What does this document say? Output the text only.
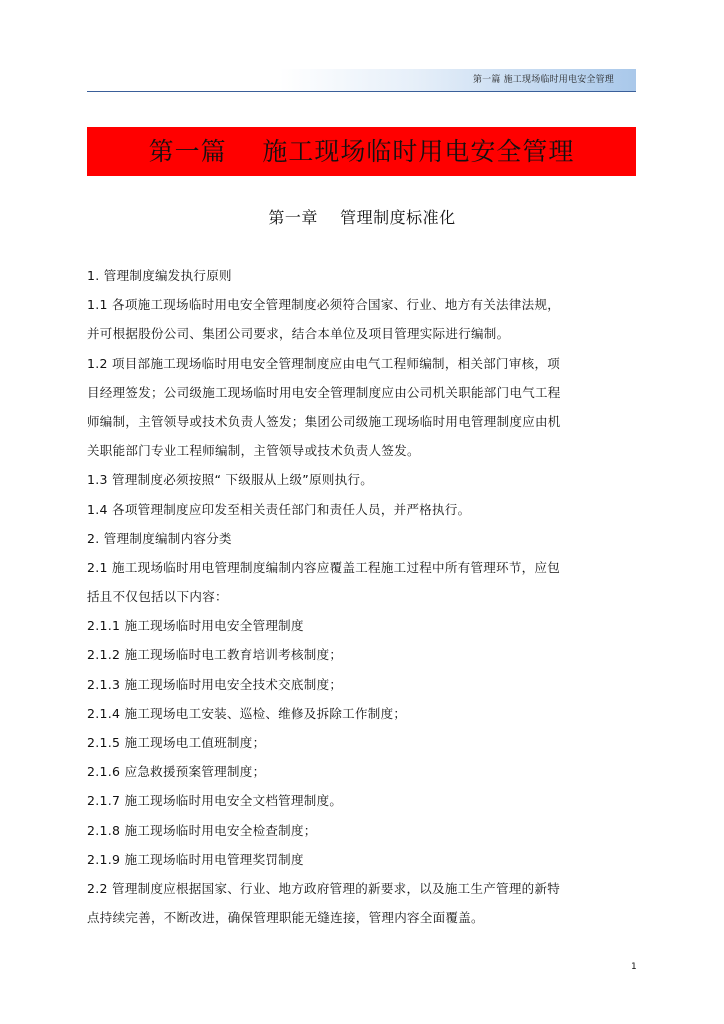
第一篇 施工现场临时用电安全管理
第一篇    施工现场临时用电安全管理
第一章    管理制度标准化
1. 管理制度编发执行原则
1.1 各项施工现场临时用电安全管理制度必须符合国家、行业、地方有关法律法规，
并可根据股份公司、集团公司要求，结合本单位及项目管理实际进行编制。
1.2 项目部施工现场临时用电安全管理制度应由电气工程师编制，相关部门审核，项
目经理签发；公司级施工现场临时用电安全管理制度应由公司机关职能部门电气工程
师编制，主管领导或技术负责人签发；集团公司级施工现场临时用电管理制度应由机
关职能部门专业工程师编制，主管领导或技术负责人签发。
1.3 管理制度必须按照“ 下级服从上级”原则执行。
1.4 各项管理制度应印发至相关责任部门和责任人员，并严格执行。
2. 管理制度编制内容分类
2.1 施工现场临时用电管理制度编制内容应覆盖工程施工过程中所有管理环节，应包
括且不仅包括以下内容：
2.1.1 施工现场临时用电安全管理制度
2.1.2 施工现场临时电工教育培训考核制度；
2.1.3 施工现场临时用电安全技术交底制度；
2.1.4 施工现场电工安装、巡检、维修及拆除工作制度；
2.1.5 施工现场电工值班制度；
2.1.6 应急救援预案管理制度；
2.1.7 施工现场临时用电安全文档管理制度。
2.1.8 施工现场临时用电安全检查制度；
2.1.9 施工现场临时用电管理奖罚制度
2.2 管理制度应根据国家、行业、地方政府管理的新要求，以及施工生产管理的新特
点持续完善，不断改进，确保管理职能无缝连接，管理内容全面覆盖。
1
